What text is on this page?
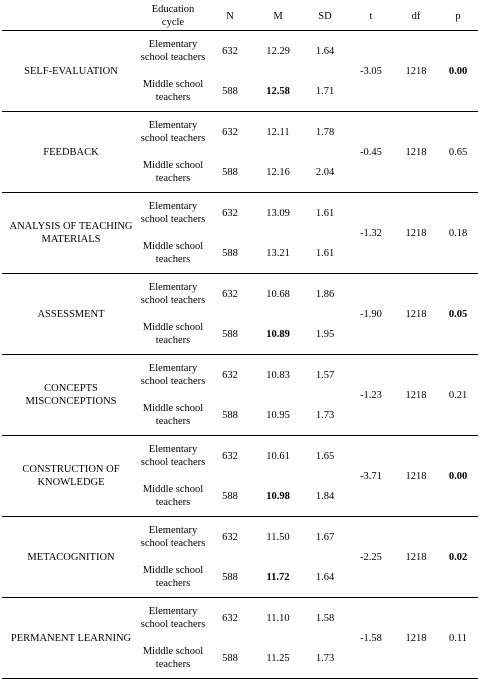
	Education cycle	N	M	SD	t	df	p
SELF-EVALUATION	Elementary school teachers	632	12.29	1.64	-3.05	1218	0.00
	Middle school teachers	588	12.58	1.71			
FEEDBACK	Elementary school teachers	632	12.11	1.78	-0.45	1218	0.65
	Middle school teachers	588	12.16	2.04			
ANALYSIS OF TEACHING MATERIALS	Elementary school teachers	632	13.09	1.61	-1.32	1218	0.18
	Middle school teachers	588	13.21	1.61			
ASSESSMENT	Elementary school teachers	632	10.68	1.86	-1.90	1218	0.05
	Middle school teachers	588	10.89	1.95			
CONCEPTS MISCONCEPTIONS	Elementary school teachers	632	10.83	1.57	-1.23	1218	0.21
	Middle school teachers	588	10.95	1.73			
CONSTRUCTION OF KNOWLEDGE	Elementary school teachers	632	10.61	1.65	-3.71	1218	0.00
	Middle school teachers	588	10.98	1.84			
METACOGNITION	Elementary school teachers	632	11.50	1.67	-2.25	1218	0.02
	Middle school teachers	588	11.72	1.64			
PERMANENT LEARNING	Elementary school teachers	632	11.10	1.58	-1.58	1218	0.11
	Middle school teachers	588	11.25	1.73			
